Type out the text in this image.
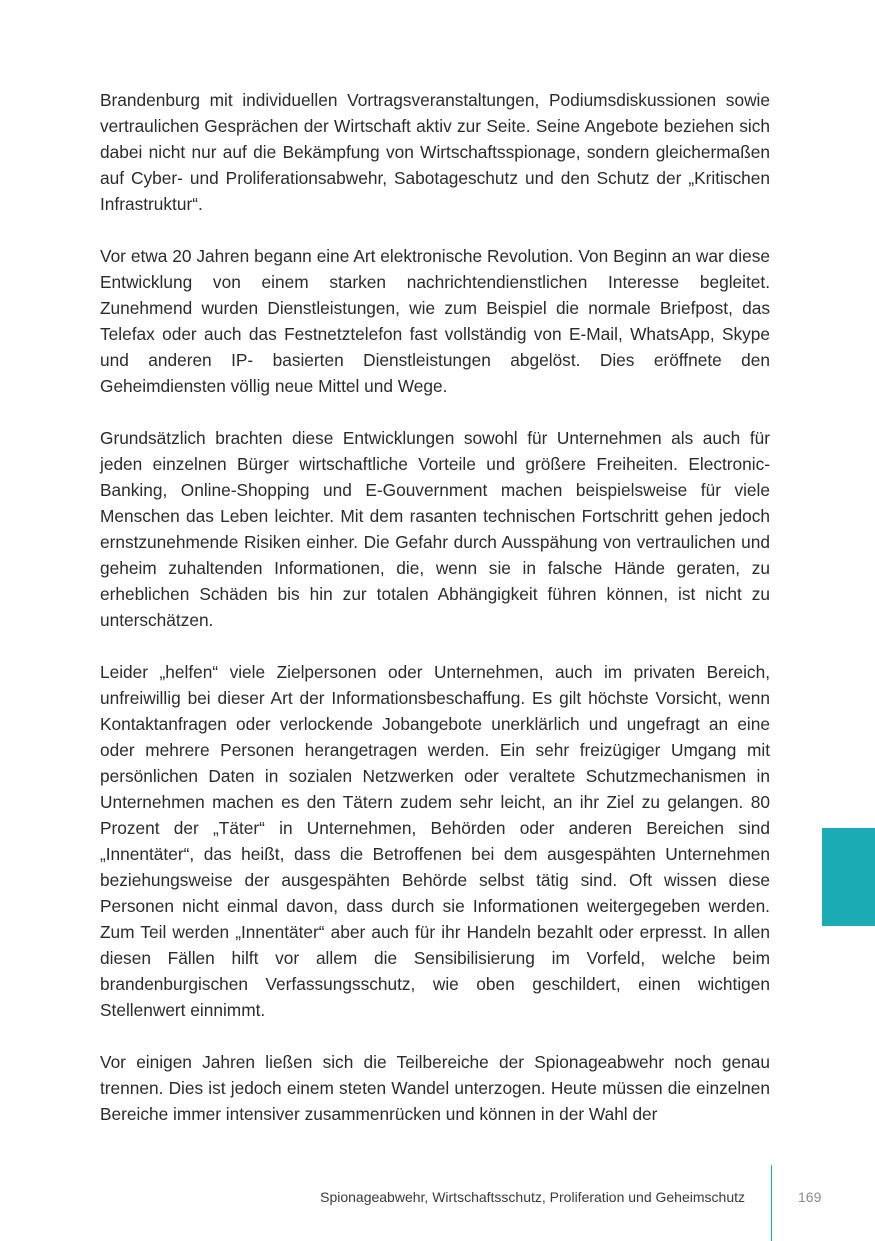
Brandenburg mit individuellen Vortragsveranstaltungen, Podiumsdiskussionen sowie vertraulichen Gesprächen der Wirtschaft aktiv zur Seite. Seine Angebote beziehen sich dabei nicht nur auf die Bekämpfung von Wirtschaftsspionage, sondern gleichermaßen auf Cyber- und Proliferationsabwehr, Sabotageschutz und den Schutz der „Kritischen Infrastruktur“.

Vor etwa 20 Jahren begann eine Art elektronische Revolution. Von Beginn an war diese Entwicklung von einem starken nachrichtendienstlichen Interesse begleitet. Zunehmend wurden Dienstleistungen, wie zum Beispiel die normale Briefpost, das Telefax oder auch das Festnetztelefon fast vollständig von E-Mail, WhatsApp, Skype und anderen IP- basierten Dienstleistungen abgelöst. Dies eröffnete den Geheimdiensten völlig neue Mittel und Wege.

Grundsätzlich brachten diese Entwicklungen sowohl für Unternehmen als auch für jeden einzelnen Bürger wirtschaftliche Vorteile und größere Freiheiten. Electronic-Banking, Online-Shopping und E-Gouvernment machen beispielsweise für viele Menschen das Leben leichter. Mit dem rasanten technischen Fortschritt gehen jedoch ernstzunehmende Risiken einher. Die Gefahr durch Ausspähung von vertraulichen und geheim zuhaltenden Informationen, die, wenn sie in falsche Hände geraten, zu erheblichen Schäden bis hin zur totalen Abhängigkeit führen können, ist nicht zu unterschätzen.

Leider „helfen“ viele Zielpersonen oder Unternehmen, auch im privaten Bereich, unfreiwillig bei dieser Art der Informationsbeschaffung. Es gilt höchste Vorsicht, wenn Kontaktanfragen oder verlockende Jobangebote unerklärlich und ungefragt an eine oder mehrere Personen herangetragen werden. Ein sehr freizügiger Umgang mit persönlichen Daten in sozialen Netzwerken oder veraltete Schutzmechanismen in Unternehmen machen es den Tätern zudem sehr leicht, an ihr Ziel zu gelangen. 80 Prozent der „Täter“ in Unternehmen, Behörden oder anderen Bereichen sind „Innentäter“, das heißt, dass die Betroffenen bei dem ausgespähten Unternehmen beziehungsweise der ausgespähten Behörde selbst tätig sind. Oft wissen diese Personen nicht einmal davon, dass durch sie Informationen weitergegeben werden. Zum Teil werden „Innentäter“ aber auch für ihr Handeln bezahlt oder erpresst. In allen diesen Fällen hilft vor allem die Sensibilisierung im Vorfeld, welche beim brandenburgischen Verfassungsschutz, wie oben geschildert, einen wichtigen Stellenwert einnimmt.

Vor einigen Jahren ließen sich die Teilbereiche der Spionageabwehr noch genau trennen. Dies ist jedoch einem steten Wandel unterzogen. Heute müssen die einzelnen Bereiche immer intensiver zusammenrücken und können in der Wahl der

Spionageabwehr, Wirtschaftsschutz, Proliferation und Geheimschutz	169
